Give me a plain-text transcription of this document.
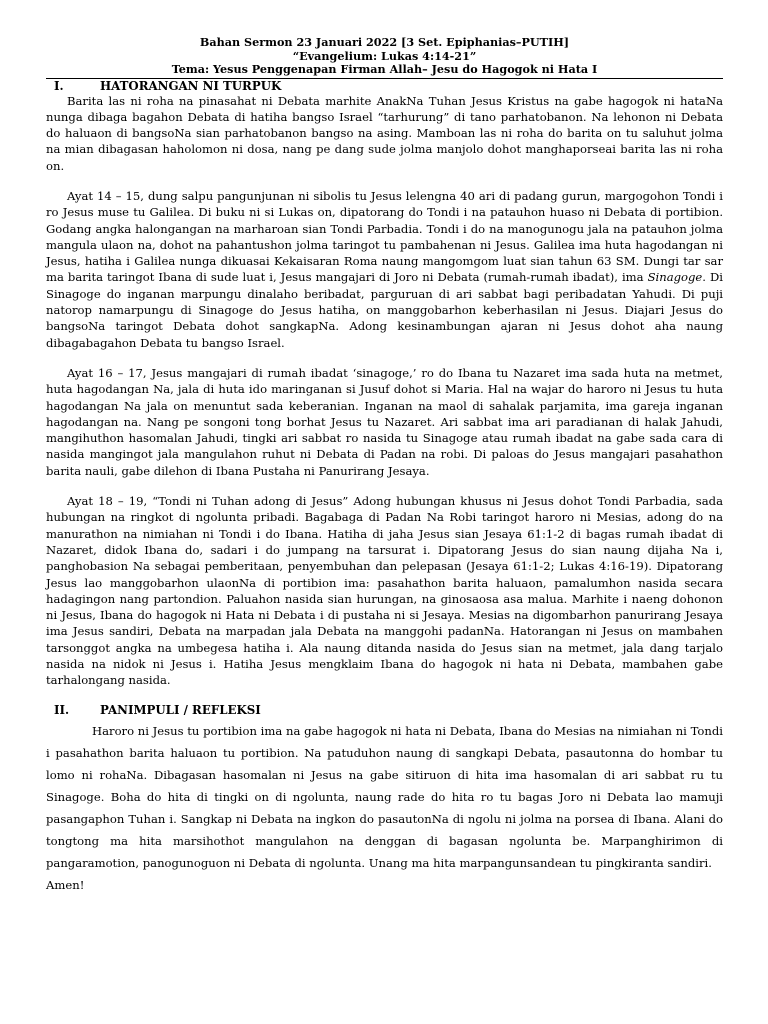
Bahan Sermon 23 Januari 2022 [3 Set. Epiphanias–PUTIH]
“Evangelium: Lukas 4:14-21”
Tema: Yesus Penggenapan Firman Allah– Jesu do Hagogok ni Hata I
I.	HATORANGAN NI TURPUK

Barita las ni roha na pinasahat ni Debata marhite AnakNa Tuhan Jesus Kristus na gabe hagogok ni hataNa nunga dibaga bagahon Debata di hatiha bangso Israel “tarhurung” di tano parhatobanon. Na lehonon ni Debata do haluaon di bangsoNa sian parhatobanon bangso na asing. Mamboan las ni roha do barita on tu saluhut jolma na mian dibagasan haholomon ni dosa, nang pe dang sude jolma manjolo dohot manghaporseai barita las ni roha on.

Ayat 14 – 15, dung salpu pangunjunan ni sibolis tu Jesus lelengna 40 ari di padang gurun, margogohon Tondi i ro Jesus muse tu Galilea. Di buku ni si Lukas on, dipatorang do Tondi i na patauhon huaso ni Debata di portibion. Godang angka halongangan na marharoan sian Tondi Parbadia. Tondi i do na manogunogu jala na patauhon jolma mangula ulaon na, dohot na pahantushon jolma taringot tu pambahenan ni Jesus. Galilea ima huta hagodangan ni Jesus, hatiha i Galilea nunga dikuasai Kekaisaran Roma naung mangomgom luat sian tahun 63 SM. Dungi tar sar ma barita taringot Ibana di sude luat i, Jesus mangajari di Joro ni Debata (rumah-rumah ibadat), ima Sinagoge. Di Sinagoge do inganan marpungu dinalaho beribadat, parguruan di ari sabbat bagi peribadatan Yahudi. Di puji natorop namarpungu di Sinagoge do Jesus hatiha, on manggobarhon keberhasilan ni Jesus. Diajari Jesus do bangsoNa taringot Debata dohot sangkapNa. Adong kesinambungan ajaran ni Jesus dohot aha naung dibagabagahon Debata tu bangso Israel.

Ayat 16 – 17, Jesus mangajari di rumah ibadat ‘sinagoge,’ ro do Ibana tu Nazaret ima sada huta na metmet, huta hagodangan Na, jala di huta ido maringanan si Jusuf dohot si Maria. Hal na wajar do haroro ni Jesus tu huta hagodangan Na jala on menuntut sada keberanian. Inganan na maol di sahalak parjamita, ima gareja inganan hagodangan na. Nang pe songoni tong borhat Jesus tu Nazaret. Ari sabbat ima ari paradianan di halak Jahudi, mangihuthon hasomalan Jahudi, tingki ari sabbat ro nasida tu Sinagoge atau rumah ibadat na gabe sada cara di nasida mangingot jala mangulahon ruhut ni Debata di Padan na robi. Di paloas do Jesus mangajari pasahathon barita nauli, gabe dilehon di Ibana Pustaha ni Panurirang Jesaya.

Ayat 18 – 19, “Tondi ni Tuhan adong di Jesus” Adong hubungan khusus ni Jesus dohot Tondi Parbadia, sada hubungan na ringkot di ngolunta pribadi. Bagabaga di Padan Na Robi taringot haroro ni Mesias, adong do na manurathon na nimiahan ni Tondi i do Ibana. Hatiha di jaha Jesus sian Jesaya 61:1-2 di bagas rumah ibadat di Nazaret, didok Ibana do, sadari i do jumpang na tarsurat i. Dipatorang Jesus do sian naung dijaha Na i, panghobasion Na sebagai pemberitaan, penyembuhan dan pelepasan (Jesaya 61:1-2; Lukas 4:16-19). Dipatorang Jesus lao manggobarhon ulaonNa di portibion ima: pasahathon barita haluaon, pamalumhon nasida secara hadagingon nang partondion. Paluahon nasida sian hurungan, na ginosaosa asa malua. Marhite i naeng dohonon ni Jesus, Ibana do hagogok ni Hata ni Debata i di pustaha ni si Jesaya. Mesias na digombarhon panurirang Jesaya ima Jesus sandiri, Debata na marpadan jala Debata na manggohi padanNa. Hatorangan ni Jesus on mambahen tarsonggot angka na umbegesa hatiha i. Ala naung ditanda nasida do Jesus sian na metmet, jala dang tarjalo nasida na nidok ni Jesus i. Hatiha Jesus mengklaim Ibana do hagogok ni hata ni Debata, mambahen gabe tarhalongang nasida.

II.	PANIMPULI / REFLEKSI

Haroro ni Jesus tu portibion ima na gabe hagogok ni hata ni Debata, Ibana do Mesias na nimiahan ni Tondi i pasahathon barita haluaon tu portibion. Na patuduhon naung di sangkapi Debata, pasautonna do hombar tu lomo ni rohaNa. Dibagasan hasomalan ni Jesus na gabe sitiruon di hita ima hasomalan di ari sabbat ru tu Sinagoge. Boha do hita di tingki on di ngolunta, naung rade do hita ro tu bagas Joro ni Debata lao mamuji pasangaphon Tuhan i. Sangkap ni Debata na ingkon do pasautonNa di ngolu ni jolma na porsea di Ibana. Alani do tongtong ma hita marsihothot mangulahon na denggan di bagasan ngolunta be. Marpanghirimon di pangaramotion, panogunoguon ni Debata di ngolunta. Unang ma hita marpangunsandean tu pingkiranta sandiri.

Amen!
